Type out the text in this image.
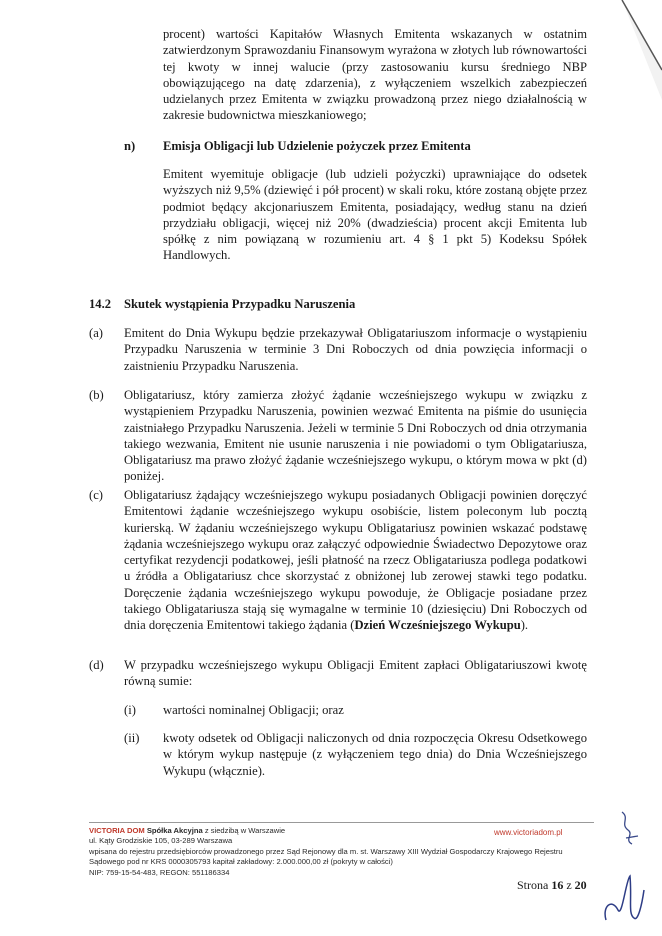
procent) wartości Kapitałów Własnych Emitenta wskazanych w ostatnim zatwierdzonym Sprawozdaniu Finansowym wyrażona w złotych lub równowartości tej kwoty w innej walucie (przy zastosowaniu kursu średniego NBP obowiązującego na datę zdarzenia), z wyłączeniem wszelkich zabezpieczeń udzielanych przez Emitenta w związku prowadzoną przez niego działalnością w zakresie budownictwa mieszkaniowego;
n) Emisja Obligacji lub Udzielenie pożyczek przez Emitenta
Emitent wyemituje obligacje (lub udzieli pożyczki) uprawniające do odsetek wyższych niż 9,5% (dziewięć i pół procent) w skali roku, które zostaną objęte przez podmiot będący akcjonariuszem Emitenta, posiadający, według stanu na dzień przydziału obligacji, więcej niż 20% (dwadzieścia) procent akcji Emitenta lub spółkę z nim powiązaną w rozumieniu art. 4 § 1 pkt 5) Kodeksu Spółek Handlowych.
14.2 Skutek wystąpienia Przypadku Naruszenia
(a) Emitent do Dnia Wykupu będzie przekazywał Obligatariuszom informacje o wystąpieniu Przypadku Naruszenia w terminie 3 Dni Roboczych od dnia powzięcia informacji o zaistnieniu Przypadku Naruszenia.
(b) Obligatariusz, który zamierza złożyć żądanie wcześniejszego wykupu w związku z wystąpieniem Przypadku Naruszenia, powinien wezwać Emitenta na piśmie do usunięcia zaistniałego Przypadku Naruszenia. Jeżeli w terminie 5 Dni Roboczych od dnia otrzymania takiego wezwania, Emitent nie usunie naruszenia i nie powiadomi o tym Obligatariusza, Obligatariusz ma prawo złożyć żądanie wcześniejszego wykupu, o którym mowa w pkt (d) poniżej.
(c) Obligatariusz żądający wcześniejszego wykupu posiadanych Obligacji powinien doręczyć Emitentowi żądanie wcześniejszego wykupu osobiście, listem poleconym lub pocztą kurierską. W żądaniu wcześniejszego wykupu Obligatariusz powinien wskazać podstawę żądania wcześniejszego wykupu oraz załączyć odpowiednie Świadectwo Depozytowe oraz certyfikat rezydencji podatkowej, jeśli płatność na rzecz Obligatariusza podlega podatkowi u źródła a Obligatariusz chce skorzystać z obniżonej lub zerowej stawki tego podatku. Doręczenie żądania wcześniejszego wykupu powoduje, że Obligacje posiadane przez takiego Obligatariusza stają się wymagalne w terminie 10 (dziesięciu) Dni Roboczych od dnia doręczenia Emitentowi takiego żądania (Dzień Wcześniejszego Wykupu).
(d) W przypadku wcześniejszego wykupu Obligacji Emitent zapłaci Obligatariuszowi kwotę równą sumie:
(i) wartości nominalnej Obligacji; oraz
(ii) kwoty odsetek od Obligacji naliczonych od dnia rozpoczęcia Okresu Odsetkowego w którym wykup następuje (z wyłączeniem tego dnia) do Dnia Wcześniejszego Wykupu (włącznie).
VICTORIA DOM Spółka Akcyjna z siedzibą w Warszawie
ul. Kąty Grodziskie 105, 03-289 Warszawa
wpisana do rejestru przedsiębiorców prowadzonego przez Sąd Rejonowy dla m. st. Warszawy XIII Wydział Gospodarczy Krajowego Rejestru Sądowego pod nr KRS 0000305793 kapitał zakładowy: 2.000.000,00 zł (pokryty w całości)
NIP: 759-15-54-483, REGON: 551186334
www.victoriadom.pl
Strona 16 z 20
